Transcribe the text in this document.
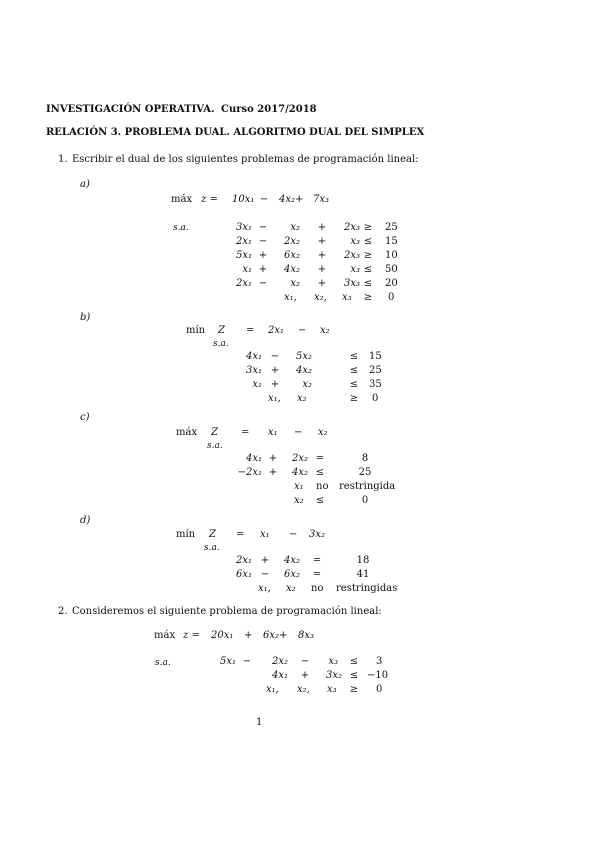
INVESTIGACIÓN OPERATIVA. Curso 2017/2018
RELACIÓN 3. PROBLEMA DUAL. ALGORITMO DUAL DEL SIMPLEX
1. Escribir el dual de los siguientes problemas de programación lineal:
a)
máx z = 10x₁ − 4x₂+ 7x₃
s.a.	3x₁ −	x₂ +	2x₃ ≥ 25
2x₁ −	2x₂ +	x₃ ≤ 15
5x₁ +	6x₂ +	2x₃ ≥ 10
x₁ +	4x₂ +	x₃ ≤ 50
2x₁ −	x₂ +	3x₃ ≤ 20
x₁, x₂, x₃ ≥ 0
b)
mín Z = 2x₁ − x₂
s.a.
4x₁ −	5x₂	≤ 15
3x₁ +	4x₂	≤ 25
x₁ +	x₂	≤ 35
x₁, x₂	≥ 0
c)
máx Z = x₁ − x₂
s.a.
4x₁ +	2x₂ =	8
−2x₁ +	4x₂ ≤	25
x₁ no restringida
x₂ ≤	0
d)
mín Z = x₁ − 3x₂
s.a.
2x₁ +	4x₂ =	18
6x₁ −	6x₂ =	41
x₁, x₂ no restringidas
2. Consideremos el siguiente problema de programación lineal:
máx z = 20x₁ + 6x₂+ 8x₃
s.a.	5x₁ −	2x₂ −	x₃ ≤ 3
4x₁ +	3x₂ ≤ −10
x₁, x₂, x₃ ≥ 0
1
